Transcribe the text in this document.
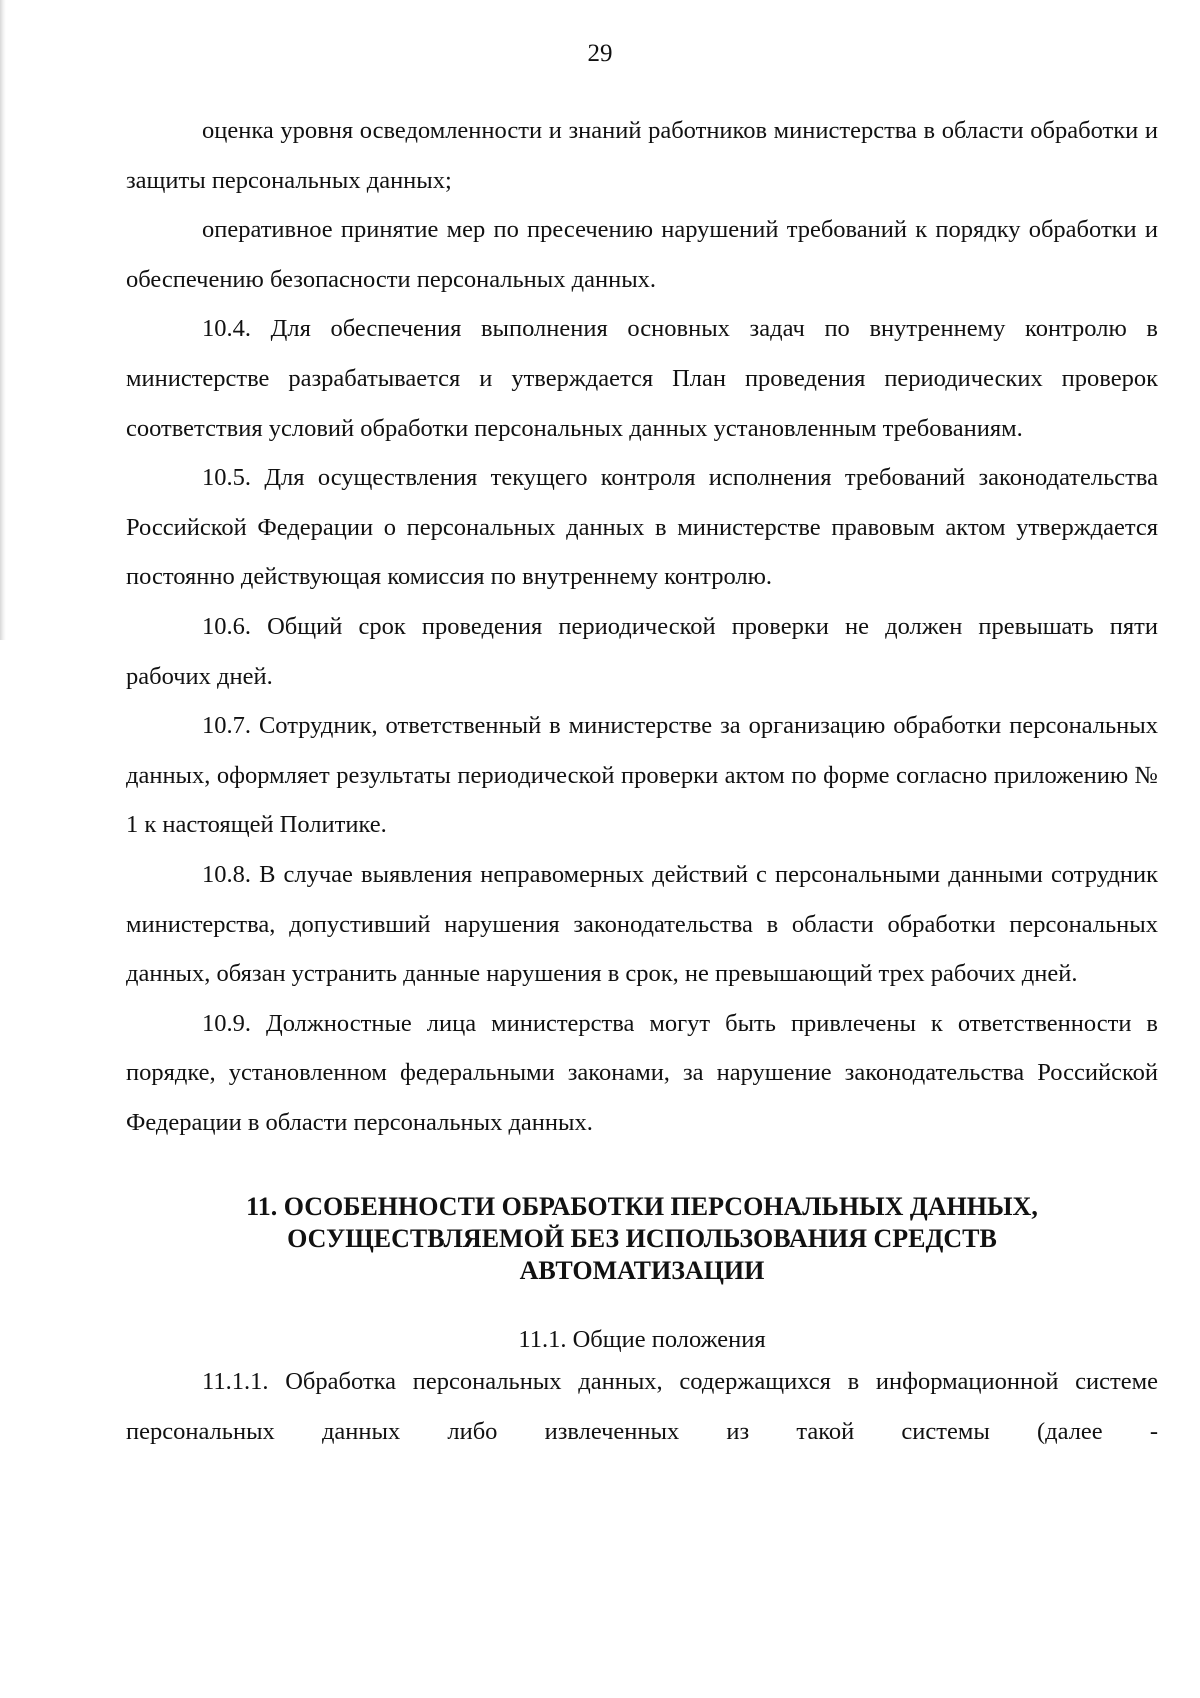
29

оценка уровня осведомленности и знаний работников министерства в области обработки и защиты персональных данных;

оперативное принятие мер по пресечению нарушений требований к порядку обработки и обеспечению безопасности персональных данных.

10.4. Для обеспечения выполнения основных задач по внутреннему контролю в министерстве разрабатывается и утверждается План проведения периодических проверок соответствия условий обработки персональных данных установленным требованиям.

10.5. Для осуществления текущего контроля исполнения требований законодательства Российской Федерации о персональных данных в министерстве правовым актом утверждается постоянно действующая комиссия по внутреннему контролю.

10.6. Общий срок проведения периодической проверки не должен превышать пяти рабочих дней.

10.7. Сотрудник, ответственный в министерстве за организацию обработки персональных данных, оформляет результаты периодической проверки актом по форме согласно приложению № 1 к настоящей Политике.

10.8. В случае выявления неправомерных действий с персональными данными сотрудник министерства, допустивший нарушения законодательства в области обработки персональных данных, обязан устранить данные нарушения в срок, не превышающий трех рабочих дней.

10.9. Должностные лица министерства могут быть привлечены к ответственности в порядке, установленном федеральными законами, за нарушение законодательства Российской Федерации в области персональных данных.

11. ОСОБЕННОСТИ ОБРАБОТКИ ПЕРСОНАЛЬНЫХ ДАННЫХ,
ОСУЩЕСТВЛЯЕМОЙ БЕЗ ИСПОЛЬЗОВАНИЯ СРЕДСТВ
АВТОМАТИЗАЦИИ
11.1. Общие положения

11.1.1. Обработка персональных данных, содержащихся в информационной системе персональных данных либо извлеченных из такой системы (далее -
